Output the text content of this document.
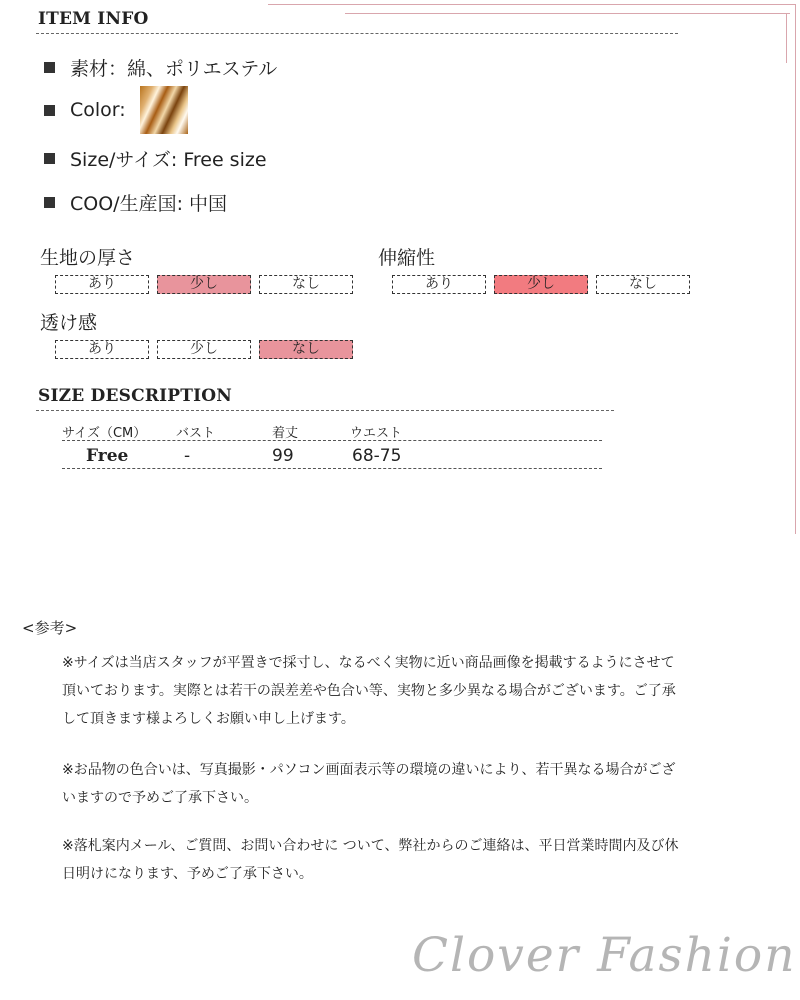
ITEM INFO
素材：綿、ポリエステル
Color:
Size/サイズ: Free size
COO/生産国: 中国
生地の厚さ
あり	少し	なし
伸縮性
あり	少し	なし
透け感
あり	少し	なし
SIZE DESCRIPTION
サイズ（CM） バスト	着丈	ウエスト
Free	-	99	68-75
<参考>
※サイズは当店スタッフが平置きで採寸し、なるべく実物に近い商品画像を掲載するようにさせて頂いております。実際とは若干の誤差差や色合い等、実物と多少異なる場合がございます。ご了承して頂きます様よろしくお願い申し上げます。
※お品物の色合いは、写真撮影・パソコン画面表示等の環境の違いにより、若干異なる場合がございますので予めご了承下さい。
※落札案内メール、ご質問、お問い合わせに ついて、弊社からのご連絡は、平日営業時間内及び休日明けになります、予めご了承下さい。
Clover Fashion
